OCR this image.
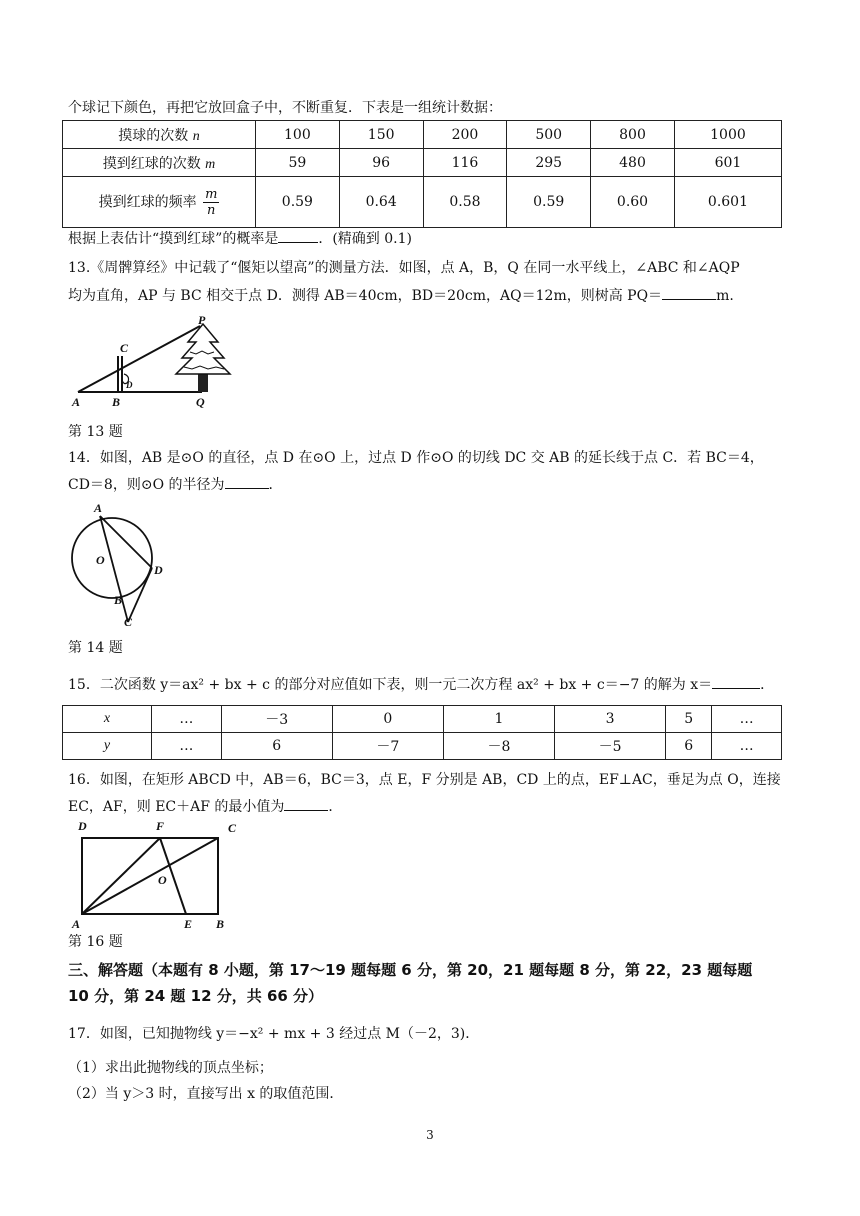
个球记下颜色，再把它放回盒子中，不断重复．下表是一组统计数据：
摸球的次数 n	100	150	200	500	800	1000
摸到红球的次数 m	59	96	116	295	480	601
摸到红球的频率 $\frac{m}{n}$	0.59	0.64	0.58	0.59	0.60	0.601
根据上表估计“摸到红球”的概率是	．(精确到 0.1)
13.《周髀算经》中记载了“偃矩以望高”的测量方法．如图，点 A，B，Q 在同一水平线上，∠ABC 和∠AQP
均为直角，AP 与 BC 相交于点 D．测得 AB＝40cm，BD＝20cm，AQ＝12m，则树高 PQ＝	m.
P
C
D
A	B	Q
第 13 题
14．如图，AB 是⊙O 的直径，点 D 在⊙O 上，过点 D 作⊙O 的切线 DC 交 AB 的延长线于点 C．若 BC＝4，
CD＝8，则⊙O 的半径为	．
A
O
D
B
C
第 14 题
15．二次函数 y＝ax² + bx + c 的部分对应值如下表，则一元二次方程 ax² + bx + c＝−7 的解为 x＝	．
x	…	－3	0	1	3	5	…
y	…	6	－7	－8	－5	6	…
16．如图，在矩形 ABCD 中，AB＝6，BC＝3，点 E，F 分别是 AB，CD 上的点，EF⊥AC，垂足为点 O，连接
EC，AF，则 EC＋AF 的最小值为	．
D	F	C
O
A	E B
第 16 题
三、解答题（本题有 8 小题，第 17～19 题每题 6 分，第 20，21 题每题 8 分，第 22，23 题每题
10 分，第 24 题 12 分，共 66 分）
17．如图，已知抛物线 y＝−x² + mx + 3 经过点 M（－2，3)．
（1）求出此抛物线的顶点坐标；
（2）当 y＞3 时，直接写出 x 的取值范围．
3
